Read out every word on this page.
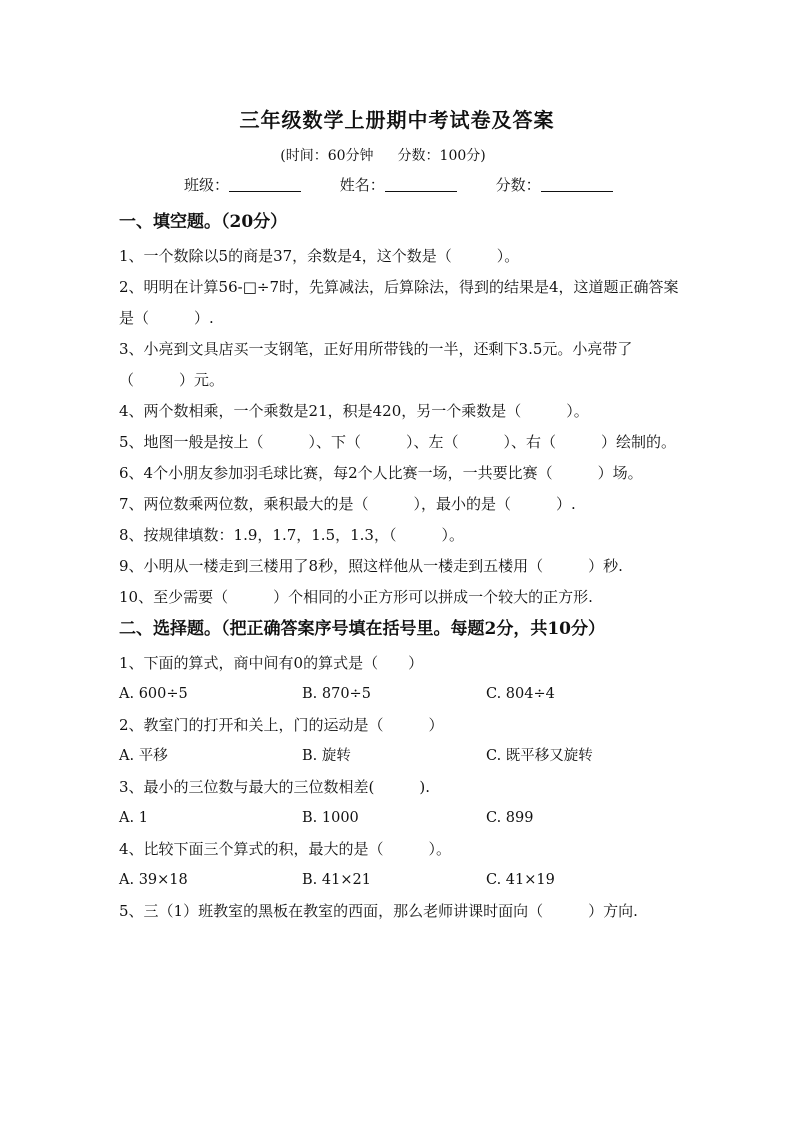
三年级数学上册期中考试卷及答案
(时间：60分钟 分数：100分)
班级：	姓名：	分数：
一、填空题。（20分）
1、一个数除以5的商是37，余数是4，这个数是（　　　）。
2、明明在计算56-□÷7时，先算减法，后算除法，得到的结果是4，这道题正确答案是（　　　）.
3、小亮到文具店买一支钢笔，正好用所带钱的一半，还剩下3.5元。小亮带了（　　　）元。
4、两个数相乘，一个乘数是21，积是420，另一个乘数是（　　　）。
5、地图一般是按上（　　　）、下（　　　）、左（　　　）、右（　　　）绘制的。
6、4个小朋友参加羽毛球比赛，每2个人比赛一场，一共要比赛（　　　）场。
7、两位数乘两位数，乘积最大的是（　　　），最小的是（　　　）.
8、按规律填数：1.9，1.7，1.5，1.3，（　　　）。
9、小明从一楼走到三楼用了8秒，照这样他从一楼走到五楼用（　　　）秒.
10、至少需要（　　　）个相同的小正方形可以拼成一个较大的正方形.
二、选择题。（把正确答案序号填在括号里。每题2分，共10分）
1、下面的算式，商中间有0的算式是（　　）
A. 600÷5	B. 870÷5	C. 804÷4
2、教室门的打开和关上，门的运动是（　　　）
A. 平移	B. 旋转	C. 既平移又旋转
3、最小的三位数与最大的三位数相差(　　　).
A. 1	B. 1000	C. 899
4、比较下面三个算式的积，最大的是（　　　）。
A. 39×18	B. 41×21	C. 41×19
5、三（1）班教室的黑板在教室的西面，那么老师讲课时面向（　　　）方向.
